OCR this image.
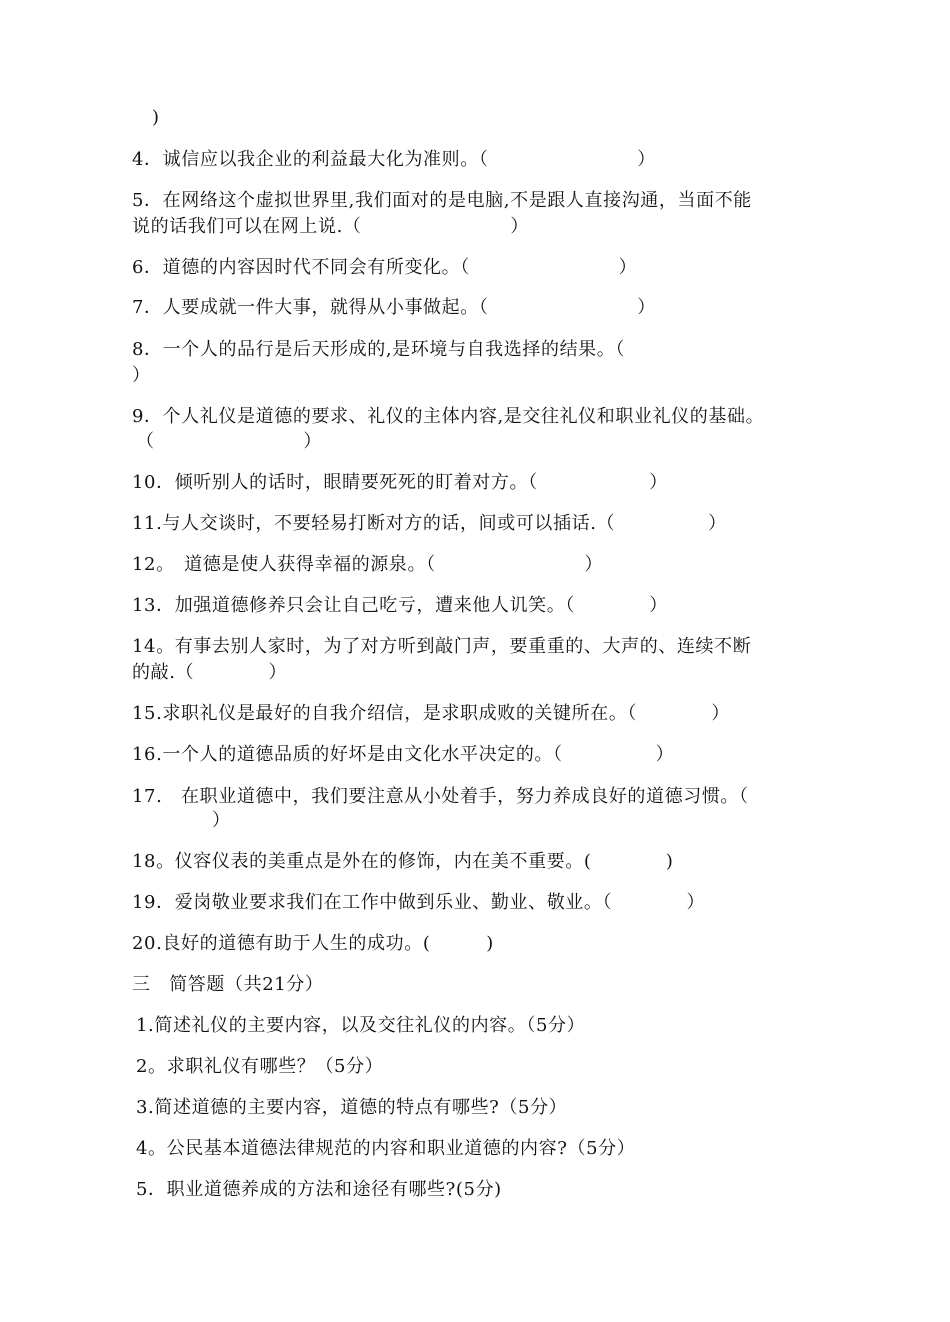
)
4．诚信应以我企业的利益最大化为准则。（　　　　　　　　）
5．在网络这个虚拟世界里,我们面对的是电脑,不是跟人直接沟通，当面不能
说的话我们可以在网上说.（　　　　　　　　）
6．道德的内容因时代不同会有所变化。（　　　　　　　　）
7．人要成就一件大事，就得从小事做起。（　　　　　　　　）
8．一个人的品行是后天形成的,是环境与自我选择的结果。（
）
9．个人礼仪是道德的要求、礼仪的主体内容,是交往礼仪和职业礼仪的基础。
（　　　　　　　　）
10．倾听别人的话时，眼睛要死死的盯着对方。（　　　　　　）
11.与人交谈时，不要轻易打断对方的话，间或可以插话.（　　　　　）
12。　道德是使人获得幸福的源泉。（　　　　　　　　）
13．加强道德修养只会让自己吃亏，遭来他人讥笑。（　　　　）
14。有事去别人家时，为了对方听到敲门声，要重重的、大声的、连续不断
的敲.（　　　　）
15.求职礼仪是最好的自我介绍信，是求职成败的关键所在。（　　　　）
16.一个人的道德品质的好坏是由文化水平决定的。（　　　　　）
17.　在职业道德中，我们要注意从小处着手，努力养成良好的道德习惯。（
）
18。仪容仪表的美重点是外在的修饰，内在美不重要。(　　　　)
19．爱岗敬业要求我们在工作中做到乐业、勤业、敬业。（　　　　）
20.良好的道德有助于人生的成功。(　　　)
三　简答题（共21分）
1.简述礼仪的主要内容，以及交往礼仪的内容。（5分）
2。求职礼仪有哪些？（5分）
3.简述道德的主要内容，道德的特点有哪些?（5分）
4。公民基本道德法律规范的内容和职业道德的内容?（5分）
5．职业道德养成的方法和途径有哪些?(5分)
